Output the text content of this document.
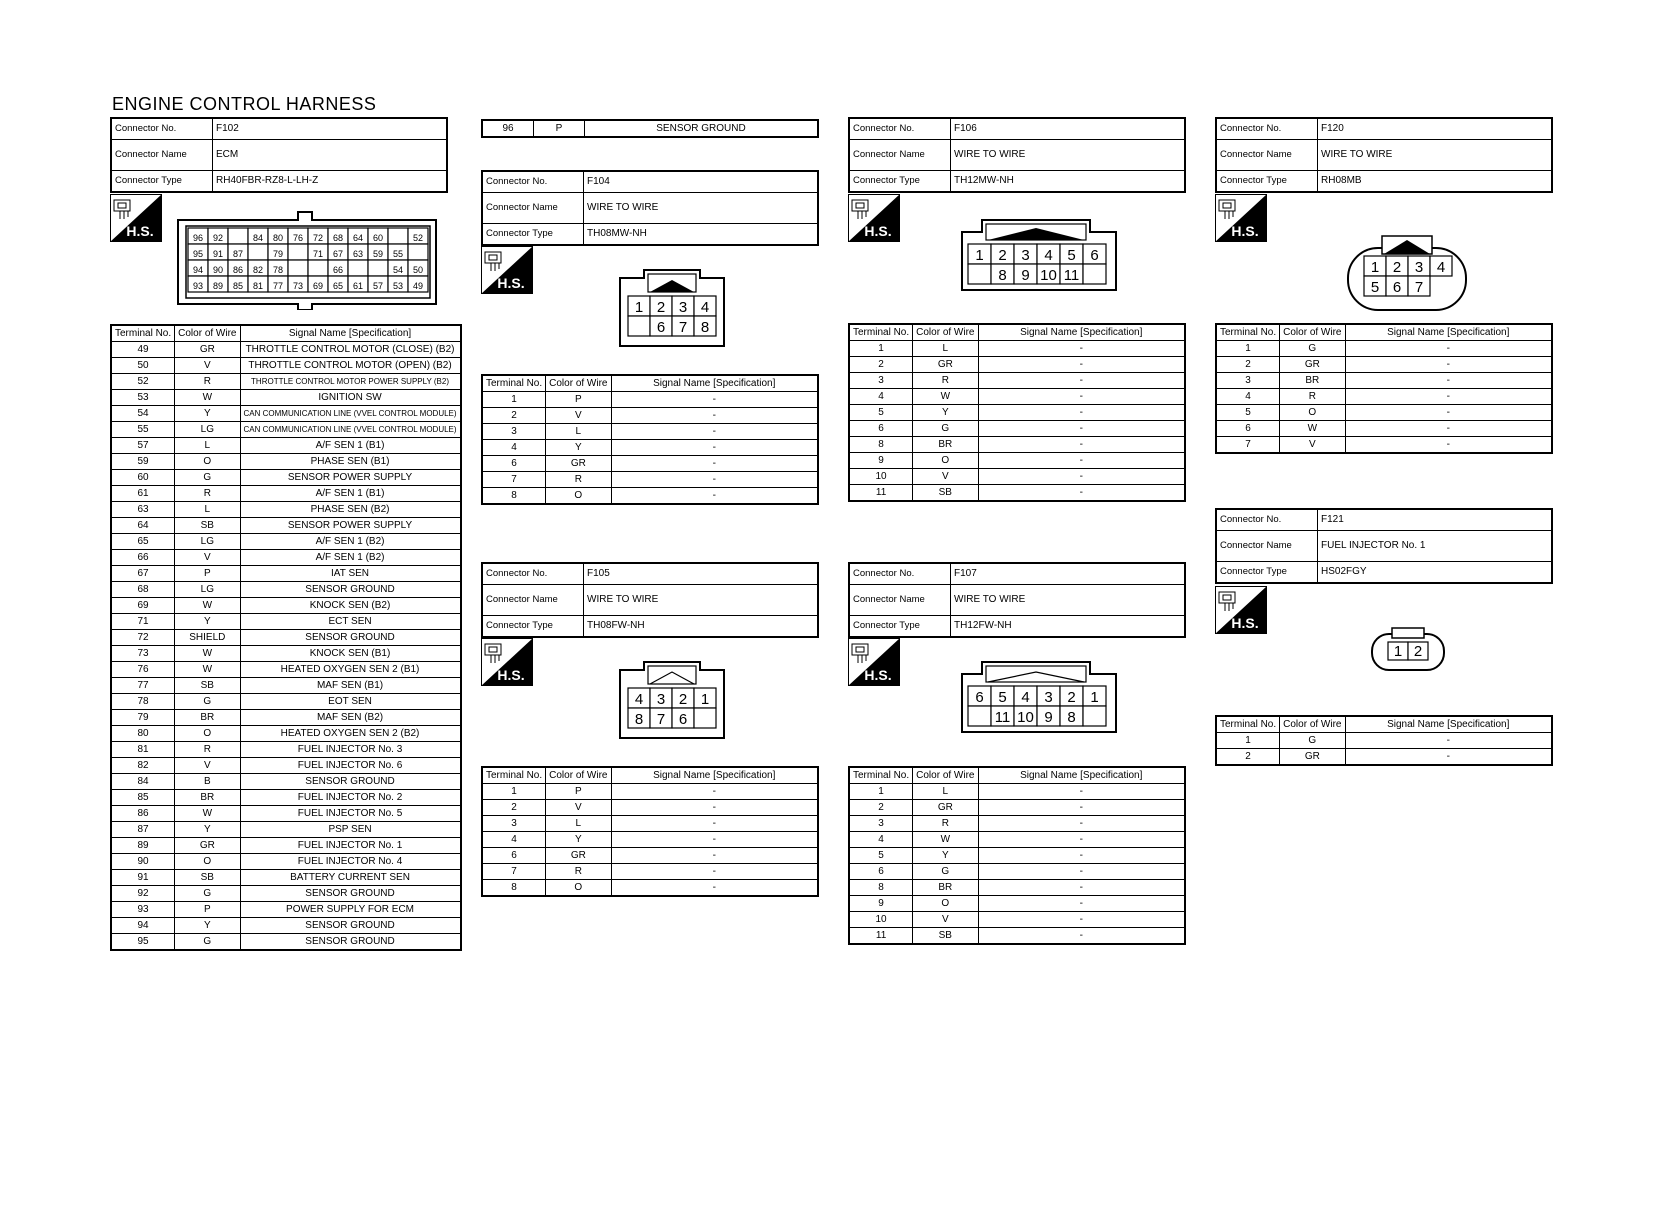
ENGINE CONTROL HARNESS
Connector No.	F102
Connector Name	ECM
Connector Type	RH40FBR-RZ8-L-LH-Z
H.S.	96 92	84 80 76 72 68 64 60	52
95 91 87	79	71 67 63 59 55
94 90 86 82 78	66	54 50
93 89 85 81 77 73 69 65 61 57 53 49
Terminal No.	Color of Wire	Signal Name [Specification]
49	GR	THROTTLE CONTROL MOTOR (CLOSE) (B2)
50	V	THROTTLE CONTROL MOTOR (OPEN) (B2)
52	R	THROTTLE CONTROL MOTOR POWER SUPPLY (B2)
53	W	IGNITION SW
54	Y	CAN COMMUNICATION LINE (VVEL CONTROL MODULE)
55	LG	CAN COMMUNICATION LINE (VVEL CONTROL MODULE)
57	L	A/F SEN 1 (B1)
59	O	PHASE SEN (B1)
60	G	SENSOR POWER SUPPLY
61	R	A/F SEN 1 (B1)
63	L	PHASE SEN (B2)
64	SB	SENSOR POWER SUPPLY
65	LG	A/F SEN 1 (B2)
66	V	A/F SEN 1 (B2)
67	P	IAT SEN
68	LG	SENSOR GROUND
69	W	KNOCK SEN (B2)
71	Y	ECT SEN
72	SHIELD	SENSOR GROUND
73	W	KNOCK SEN (B1)
76	W	HEATED OXYGEN SEN 2 (B1)
77	SB	MAF SEN (B1)
78	G	EOT SEN
79	BR	MAF SEN (B2)
80	O	HEATED OXYGEN SEN 2 (B2)
81	R	FUEL INJECTOR No. 3
82	V	FUEL INJECTOR No. 6
84	B	SENSOR GROUND
85	BR	FUEL INJECTOR No. 2
86	W	FUEL INJECTOR No. 5
87	Y	PSP SEN
89	GR	FUEL INJECTOR No. 1
90	O	FUEL INJECTOR No. 4
91	SB	BATTERY CURRENT SEN
92	G	SENSOR GROUND
93	P	POWER SUPPLY FOR ECM
94	Y	SENSOR GROUND
95	G	SENSOR GROUND
96	P	SENSOR GROUND
Connector No.	F104
Connector Name	WIRE TO WIRE
Connector Type	TH08MW-NH
H.S.
1 2 3 4
6 7 8
Terminal No.	Color of Wire	Signal Name [Specification]
1	P	-
2	V	-
3	L	-
4	Y	-
6	GR	-
7	R	-
8	O	-
Connector No.	F105
Connector Name	WIRE TO WIRE
Connector Type	TH08FW-NH
H.S.
4 3 2 1
8 7 6
Terminal No.	Color of Wire	Signal Name [Specification]
1	P	-
2	V	-
3	L	-
4	Y	-
6	GR	-
7	R	-
8	O	-
Connector No.	F106
Connector Name	WIRE TO WIRE
Connector Type	TH12MW-NH
H.S.
1 2 3 4 5 6
8 9 10 11
Terminal No.	Color of Wire	Signal Name [Specification]
1	L	-
2	GR	-
3	R	-
4	W	-
5	Y	-
6	G	-
8	BR	-
9	O	-
10	V	-
11	SB	-
Connector No.	F107
Connector Name	WIRE TO WIRE
Connector Type	TH12FW-NH
H.S.
6 5 4 3 2 1
11 10 9 8
Terminal No.	Color of Wire	Signal Name [Specification]
1	L	-
2	GR	-
3	R	-
4	W	-
5	Y	-
6	G	-
8	BR	-
9	O	-
10	V	-
11	SB	-
Connector No.	F120
Connector Name	WIRE TO WIRE
Connector Type	RH08MB
H.S.
1 2 3 4
5 6 7
Terminal No.	Color of Wire	Signal Name [Specification]
1	G	-
2	GR	-
3	BR	-
4	R	-
5	O	-
6	W	-
7	V	-
Connector No.	F121
Connector Name	FUEL INJECTOR No. 1
Connector Type	HS02FGY
H.S.
1 2
Terminal No.	Color of Wire	Signal Name [Specification]
1	G	-
2	GR	-
